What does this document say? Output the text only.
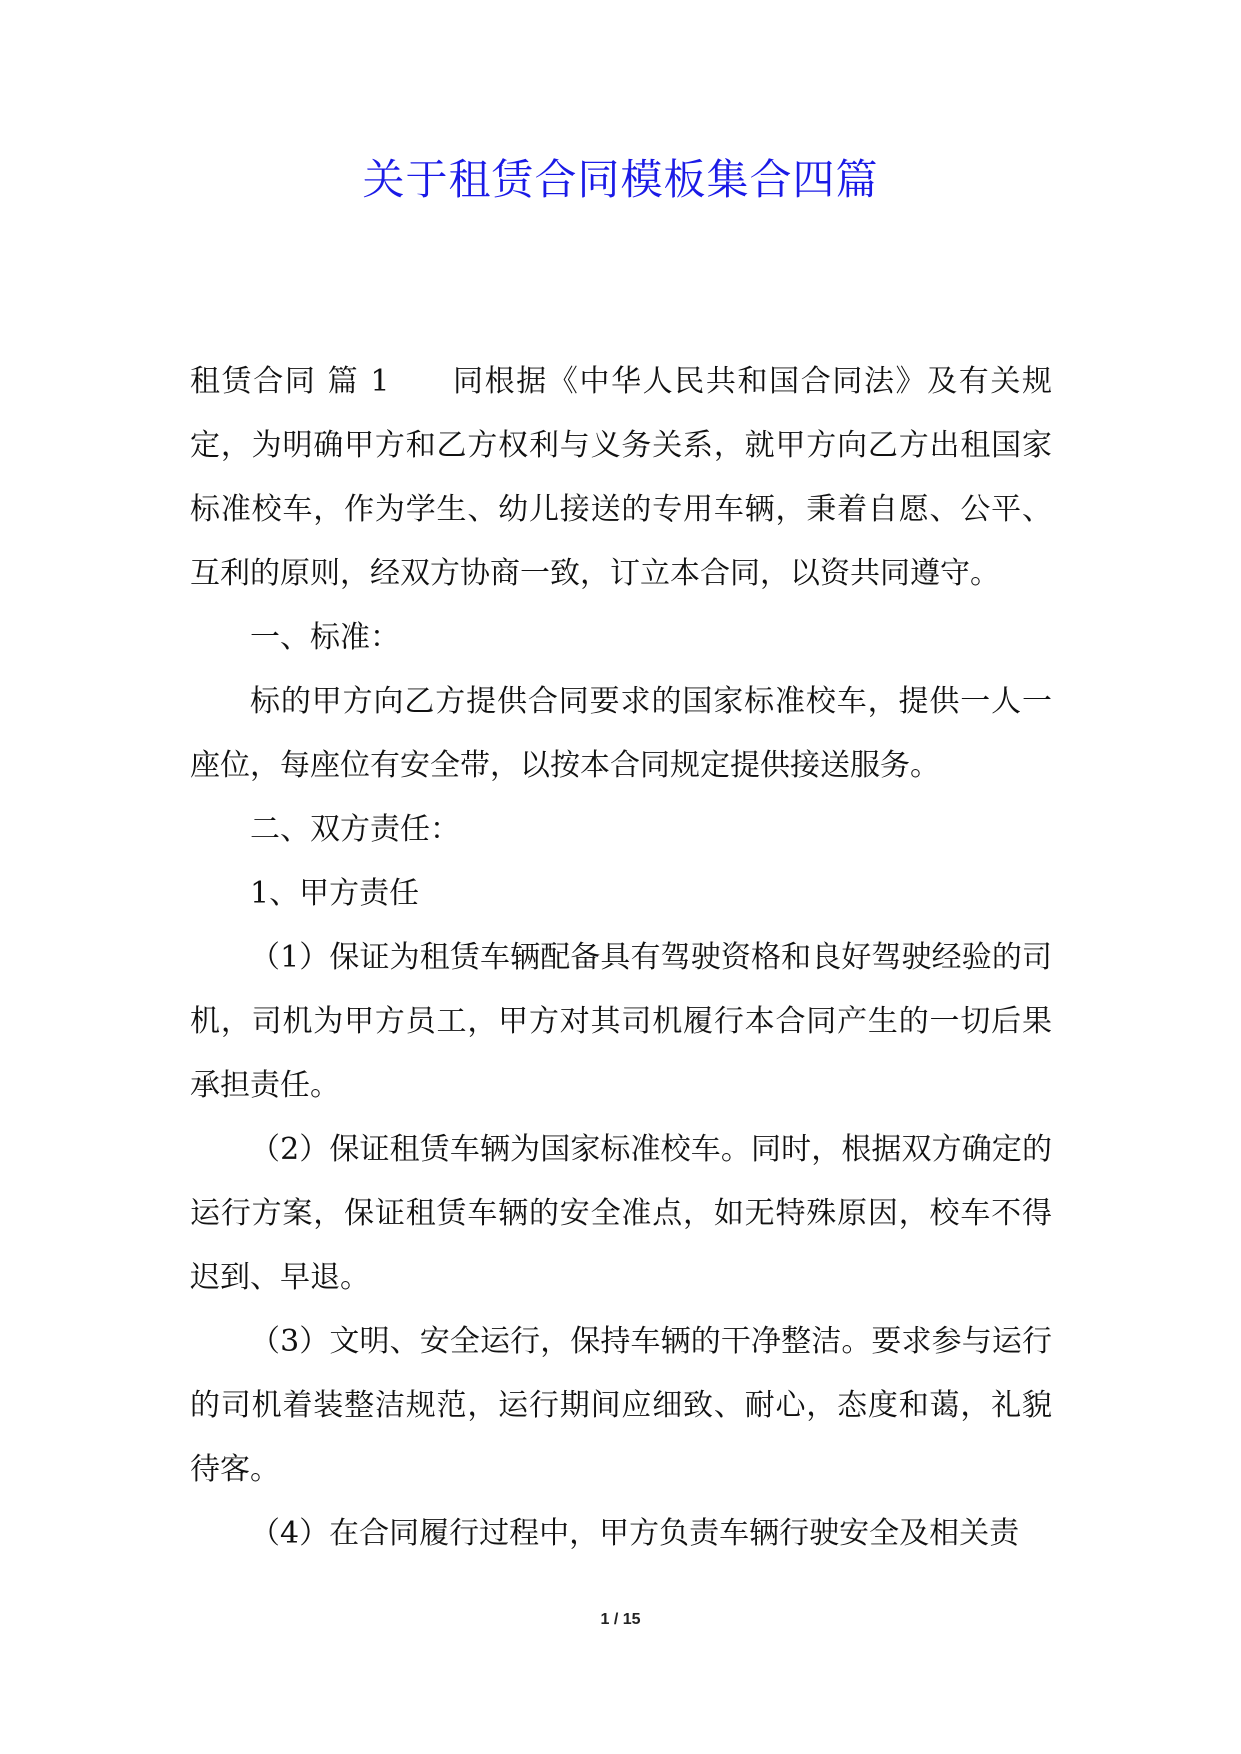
关于租赁合同模板集合四篇

租赁合同 篇 1 同根据《中华人民共和国合同法》及有关规定，为明确甲方和乙方权利与义务关系，就甲方向乙方出租国家标准校车，作为学生、幼儿接送的专用车辆，秉着自愿、公平、互利的原则，经双方协商一致，订立本合同，以资共同遵守。

一、标准：

标的甲方向乙方提供合同要求的国家标准校车，提供一人一座位，每座位有安全带，以按本合同规定提供接送服务。

二、双方责任：

1、甲方责任

（1）保证为租赁车辆配备具有驾驶资格和良好驾驶经验的司机，司机为甲方员工，甲方对其司机履行本合同产生的一切后果承担责任。

（2）保证租赁车辆为国家标准校车。同时，根据双方确定的运行方案，保证租赁车辆的安全准点，如无特殊原因，校车不得迟到、早退。

（3）文明、安全运行，保持车辆的干净整洁。要求参与运行的司机着装整洁规范，运行期间应细致、耐心，态度和蔼，礼貌待客。

（4）在合同履行过程中，甲方负责车辆行驶安全及相关责

1 / 15
